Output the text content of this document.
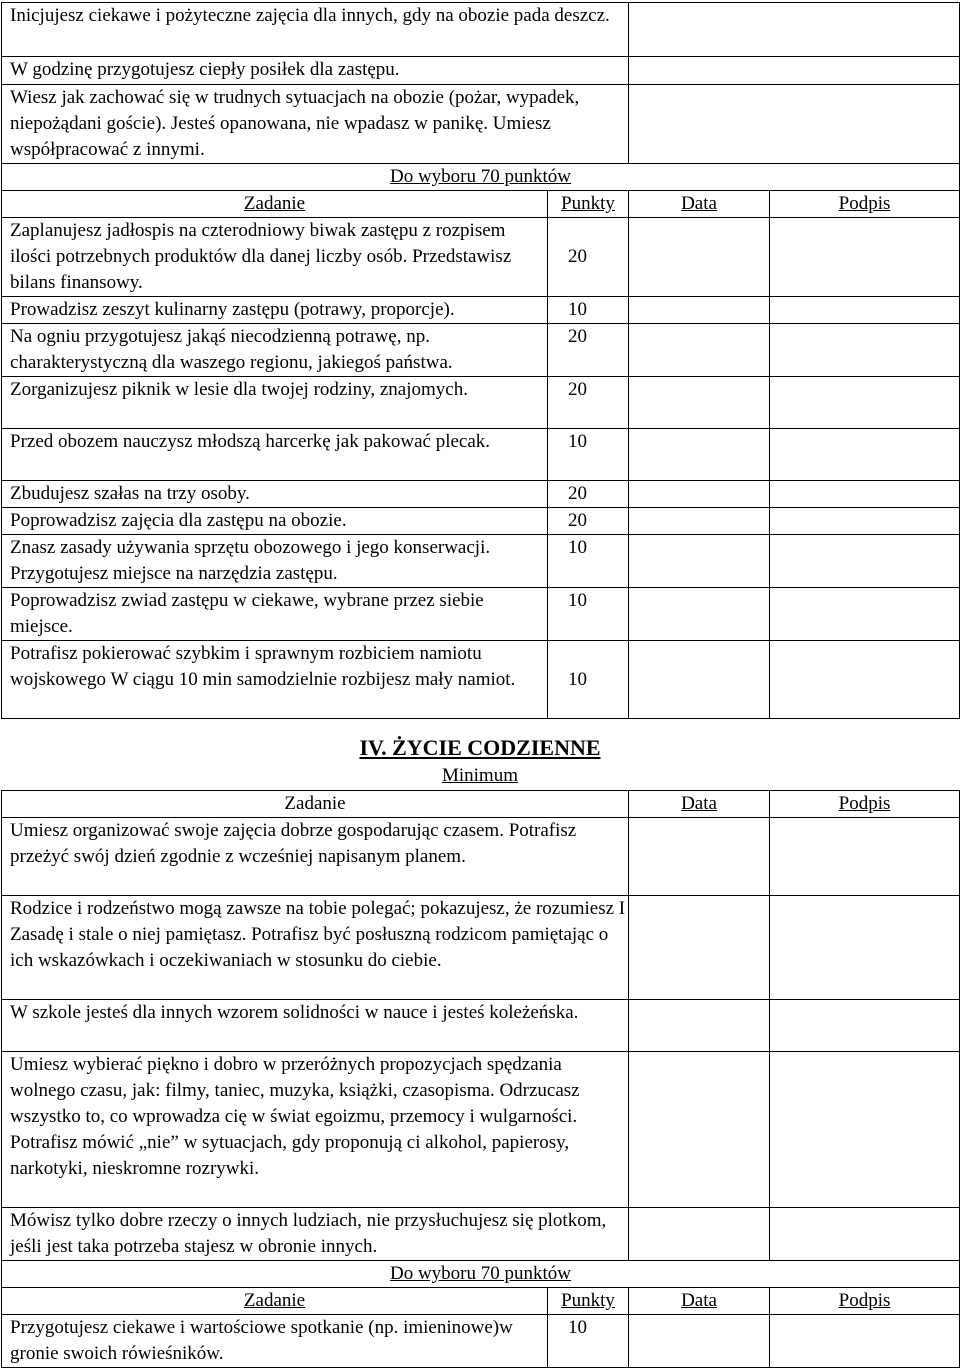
Inicjujesz ciekawe i pożyteczne zajęcia dla innych, gdy na obozie pada deszcz.			
W godzinę przygotujesz ciepły posiłek dla zastępu.			
Wiesz jak zachować się w trudnych sytuacjach na obozie (pożar, wypadek, niepożądani goście). Jesteś opanowana, nie wpadasz w panikę. Umiesz współpracować z innymi.			
Do wyboru 70 punktów			
Zadanie	Punkty	Data	Podpis
Zaplanujesz jadłospis na czterodniowy biwak zastępu z rozpisem ilości potrzebnych produktów dla danej liczby osób. Przedstawisz bilans finansowy.	20		
Prowadzisz zeszyt kulinarny zastępu (potrawy, proporcje).	10		
Na ogniu przygotujesz jakąś niecodzienną potrawę, np. charakterystyczną dla waszego regionu, jakiegoś państwa.	20		
Zorganizujesz piknik w lesie dla twojej rodziny, znajomych.	20		
Przed obozem nauczysz młodszą harcerkę jak pakować plecak.	10		
Zbudujesz szałas na trzy osoby.	20		
Poprowadzisz zajęcia dla zastępu na obozie.	20		
Znasz zasady używania sprzętu obozowego i jego konserwacji. Przygotujesz miejsce na narzędzia zastępu.	10		
Poprowadzisz zwiad zastępu w ciekawe, wybrane przez siebie miejsce.	10		
Potrafisz pokierować szybkim i sprawnym rozbiciem namiotu wojskowego W ciągu 10 min samodzielnie rozbijesz mały namiot.	10		
IV. ŻYCIE CODZIENNE
Minimum
Zadanie		Data	Podpis
Umiesz organizować swoje zajęcia dobrze gospodarując czasem. Potrafisz przeżyć swój dzień zgodnie z wcześniej napisanym planem.			
Rodzice i rodzeństwo mogą zawsze na tobie polegać; pokazujesz, że rozumiesz I Zasadę i stale o niej pamiętasz. Potrafisz być posłuszną rodzicom pamiętając o ich wskazówkach i oczekiwaniach w stosunku do ciebie.			
W szkole jesteś dla innych wzorem solidności w nauce i jesteś koleżeńska.			
Umiesz wybierać piękno i dobro w przeróżnych propozycjach spędzania wolnego czasu, jak: filmy, taniec, muzyka, książki, czasopisma. Odrzucasz wszystko to, co wprowadza cię w świat egoizmu, przemocy i wulgarności. Potrafisz mówić „nie” w sytuacjach, gdy proponują ci alkohol, papierosy, narkotyki, nieskromne rozrywki.			
Mówisz tylko dobre rzeczy o innych ludziach, nie przysłuchujesz się plotkom, jeśli jest taka potrzeba stajesz w obronie innych.			
Do wyboru 70 punktów			
Zadanie	Punkty	Data	Podpis
Przygotujesz ciekawe i wartościowe spotkanie (np. imieninowe)w gronie swoich rówieśników.	10		
